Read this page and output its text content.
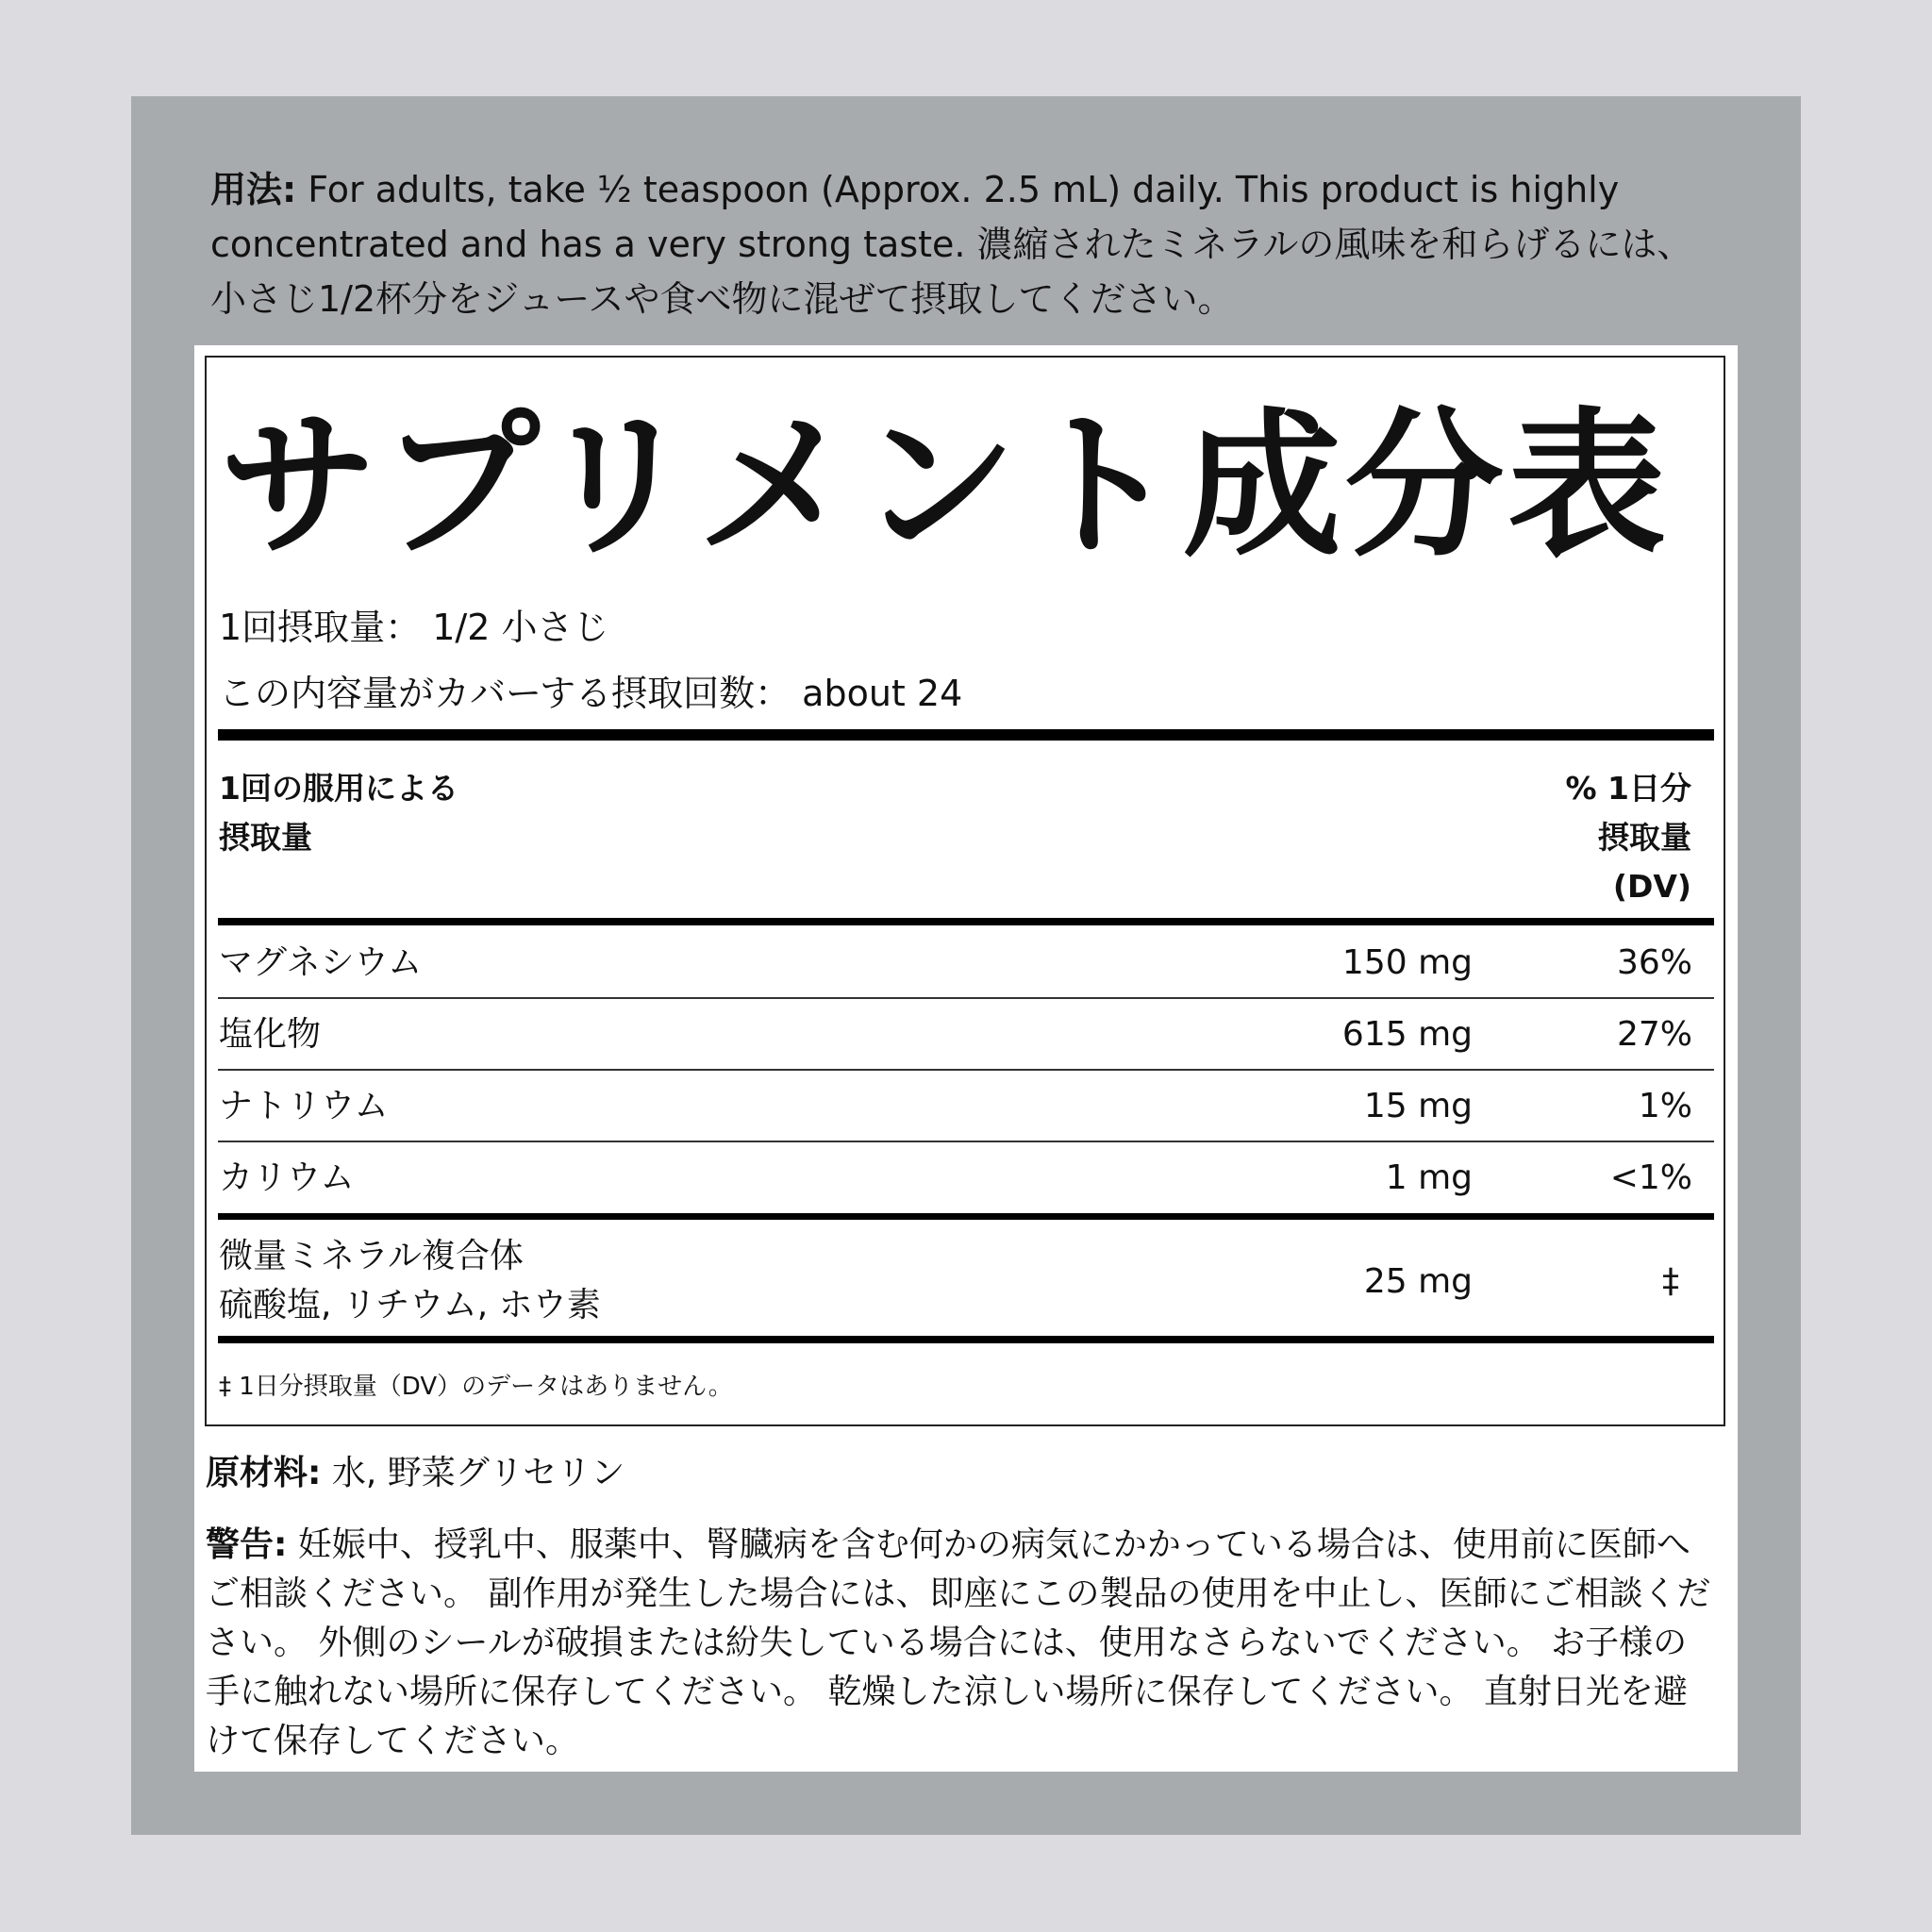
用法: For adults, take ½ teaspoon (Approx. 2.5 mL) daily. This product is highly concentrated and has a very strong taste. 濃縮されたミネラルの風味を和らげるには、小さじ1/2杯分をジュースや食べ物に混ぜて摂取してください。
サプリメント成分表
1回摂取量： 1/2 小さじ
この内容量がカバーする摂取回数： about 24
1回の服用による
摂取量
% 1日分
摂取量
(DV)
マグネシウム	150 mg	36%
塩化物	615 mg	27%
ナトリウム	15 mg	1%
カリウム	1 mg	<1%
微量ミネラル複合体
硫酸塩, リチウム, ホウ素
25 mg	‡
‡ 1日分摂取量（DV）のデータはありません。
原材料: 水, 野菜グリセリン
警告: 妊娠中、授乳中、服薬中、腎臓病を含む何かの病気にかかっている場合は、使用前に医師へご相談ください。 副作用が発生した場合には、即座にこの製品の使用を中止し、医師にご相談ください。 外側のシールが破損または紛失している場合には、使用なさらないでください。 お子様の手に触れない場所に保存してください。 乾燥した涼しい場所に保存してください。 直射日光を避けて保存してください。
